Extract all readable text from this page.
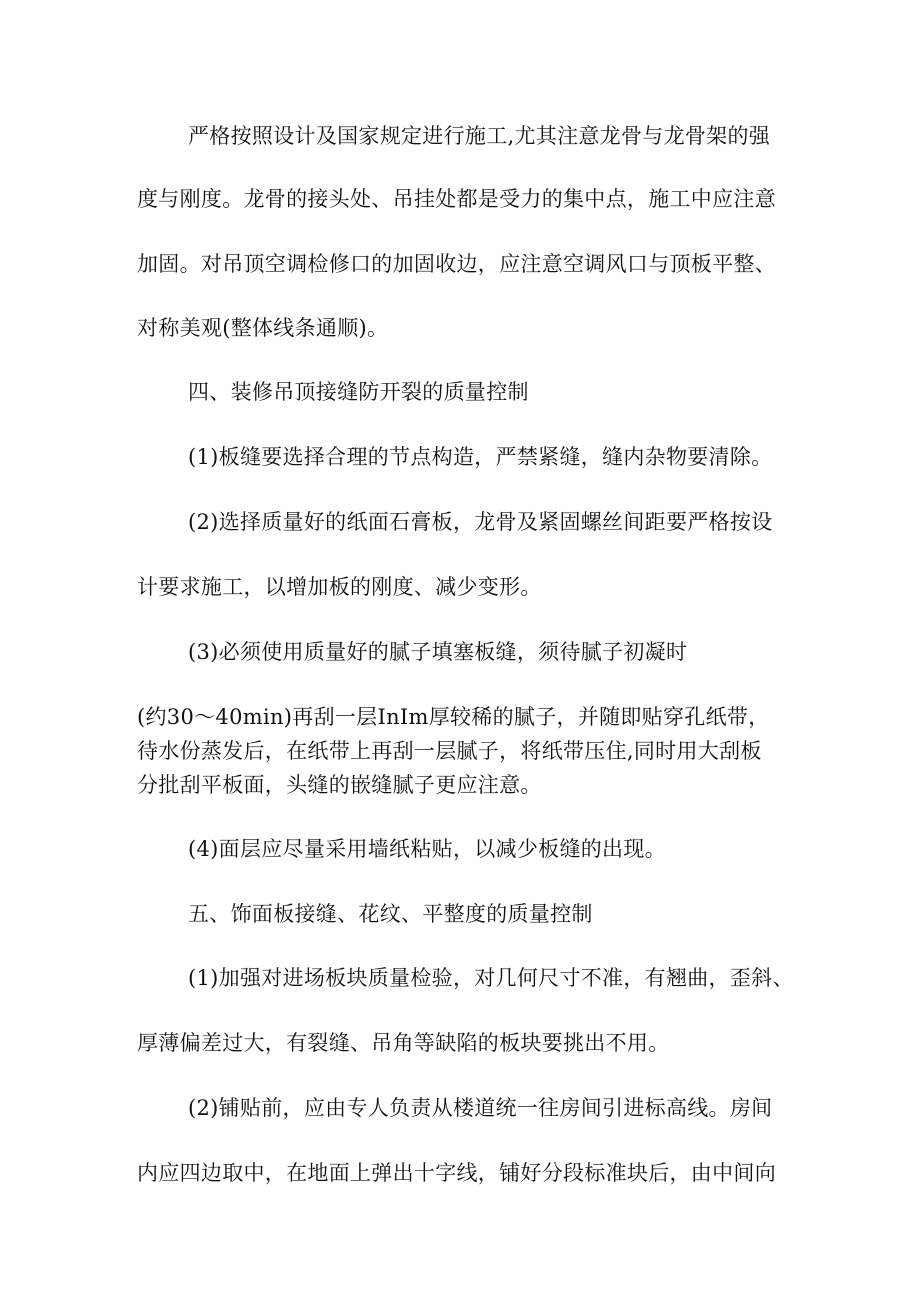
严格按照设计及国家规定进行施工,尤其注意龙骨与龙骨架的强
度与刚度。龙骨的接头处、吊挂处都是受力的集中点，施工中应注意
加固。对吊顶空调检修口的加固收边，应注意空调风口与顶板平整、
对称美观(整体线条通顺)。
四、装修吊顶接缝防开裂的质量控制
(1)板缝要选择合理的节点构造，严禁紧缝，缝内杂物要清除。
(2)选择质量好的纸面石膏板，龙骨及紧固螺丝间距要严格按设
计要求施工，以增加板的刚度、减少变形。
(3)必须使用质量好的腻子填塞板缝，须待腻子初凝时
(约30～40min)再刮一层InIm厚较稀的腻子，并随即贴穿孔纸带，
待水份蒸发后，在纸带上再刮一层腻子，将纸带压住,同时用大刮板
分批刮平板面，头缝的嵌缝腻子更应注意。
(4)面层应尽量采用墙纸粘贴，以减少板缝的出现。
五、饰面板接缝、花纹、平整度的质量控制
(1)加强对进场板块质量检验，对几何尺寸不准，有翘曲，歪斜、
厚薄偏差过大，有裂缝、吊角等缺陷的板块要挑出不用。
(2)铺贴前，应由专人负责从楼道统一往房间引进标高线。房间
内应四边取中，在地面上弹出十字线，铺好分段标准块后，由中间向
